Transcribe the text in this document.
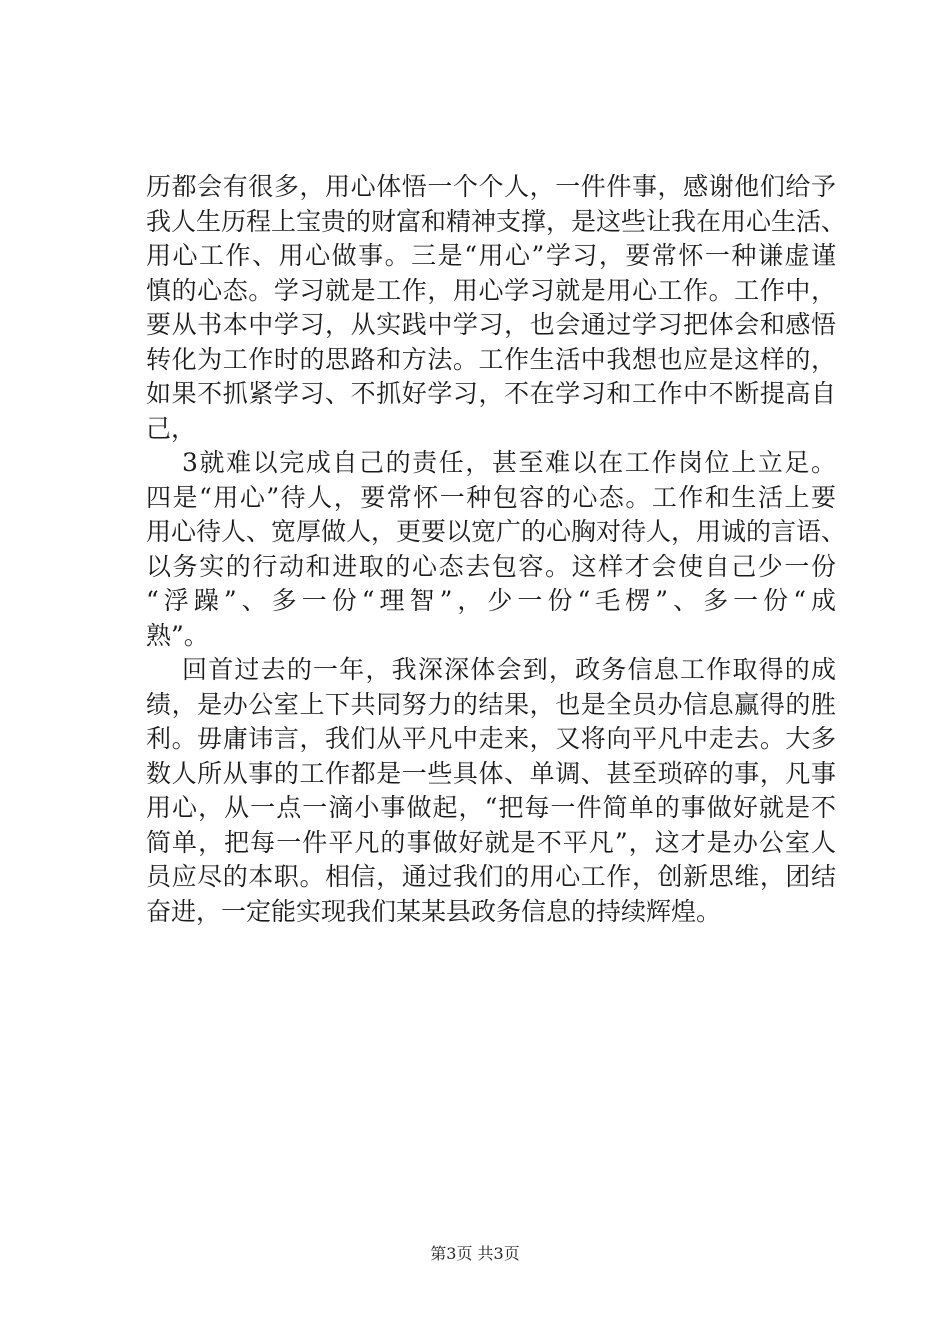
历都会有很多，用心体悟一个个人，一件件事，感谢他们给予
我人生历程上宝贵的财富和精神支撑，是这些让我在用心生活、
用心工作、用心做事。三是“用心”学习，要常怀一种谦虚谨
慎的心态。学习就是工作，用心学习就是用心工作。工作中，
要从书本中学习，从实践中学习，也会通过学习把体会和感悟
转化为工作时的思路和方法。工作生活中我想也应是这样的，
如果不抓紧学习、不抓好学习，不在学习和工作中不断提高自
己，
3就难以完成自己的责任，甚至难以在工作岗位上立足。
四是“用心”待人，要常怀一种包容的心态。工作和生活上要
用心待人、宽厚做人，更要以宽广的心胸对待人，用诚的言语、
以务实的行动和进取的心态去包容。这样才会使自己少一份
“浮躁”、多一份“理智”，少一份“毛楞”、多一份“成
熟”。
回首过去的一年，我深深体会到，政务信息工作取得的成
绩，是办公室上下共同努力的结果，也是全员办信息赢得的胜
利。毋庸讳言，我们从平凡中走来，又将向平凡中走去。大多
数人所从事的工作都是一些具体、单调、甚至琐碎的事，凡事
用心，从一点一滴小事做起，“把每一件简单的事做好就是不
简单，把每一件平凡的事做好就是不平凡”，这才是办公室人
员应尽的本职。相信，通过我们的用心工作，创新思维，团结
奋进，一定能实现我们某某县政务信息的持续辉煌。
第3页 共3页
